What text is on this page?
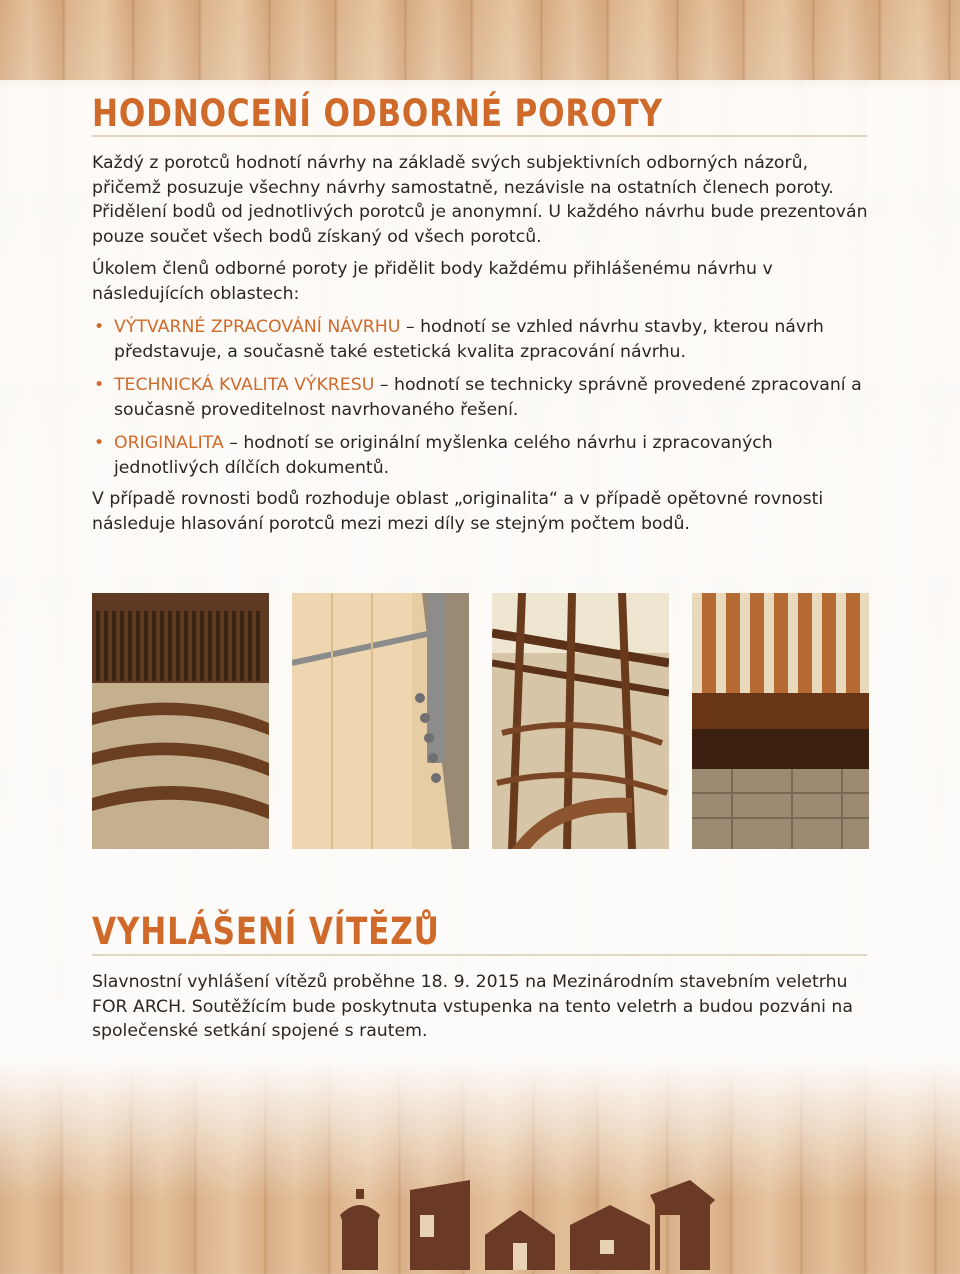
HODNOCENÍ ODBORNÉ POROTY

Každý z porotců hodnotí návrhy na základě svých subjektivních odborných názorů, přičemž posuzuje všechny návrhy samostatně, nezávisle na ostatních členech poroty. Přidělení bodů od jednotlivých porotců je anonymní. U každého návrhu bude prezentován pouze součet všech bodů získaný od všech porotců.

Úkolem členů odborné poroty je přidělit body každému přihlášenému návrhu v následujících oblastech:

• VÝTVARNÉ ZPRACOVÁNÍ NÁVRHU – hodnotí se vzhled návrhu stavby, kterou návrh představuje, a současně také estetická kvalita zpracování návrhu.
• TECHNICKÁ KVALITA VÝKRESU – hodnotí se technicky správně provedené zpracovaní a současně proveditelnost navrhovaného řešení.
• ORIGINALITA – hodnotí se originální myšlenka celého návrhu i zpracovaných jednotlivých dílčích dokumentů.

V případě rovnosti bodů rozhoduje oblast „originalita“ a v případě opětovné rovnosti následuje hlasování porotců mezi mezi díly se stejným počtem bodů.

VYHLÁŠENÍ VÍTĚZŮ

Slavnostní vyhlášení vítězů proběhne 18. 9. 2015 na Mezinárodním stavebním veletrhu FOR ARCH. Soutěžícím bude poskytnuta vstupenka na tento veletrh a budou pozváni na společenské setkání spojené s rautem.
